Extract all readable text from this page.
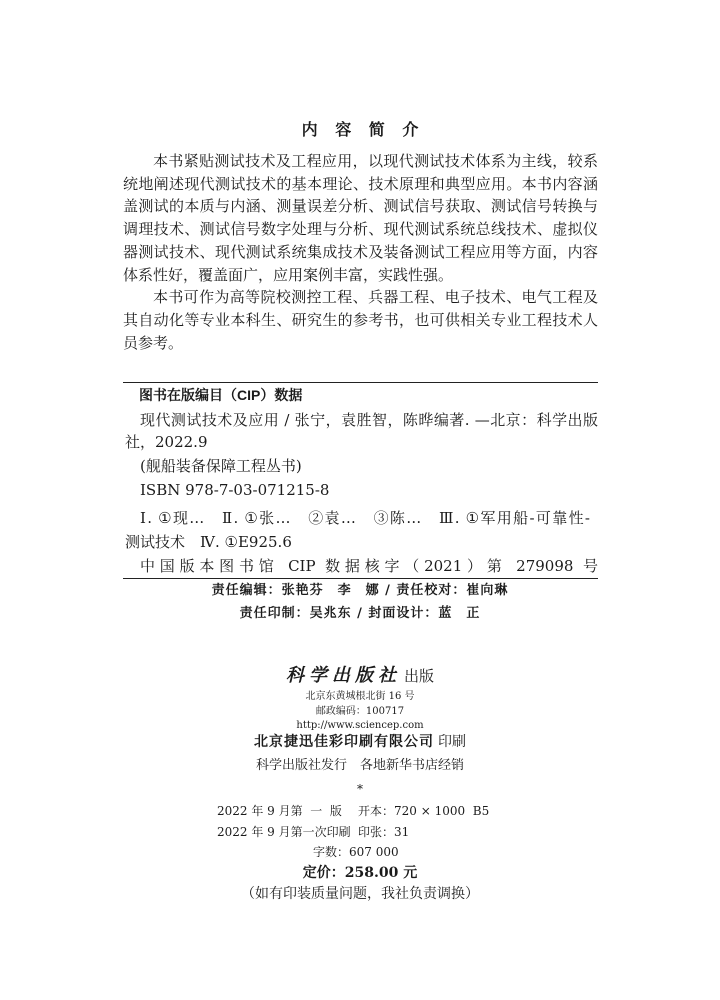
内 容 简 介
本书紧贴测试技术及工程应用，以现代测试技术体系为主线，较系
统地阐述现代测试技术的基本理论、技术原理和典型应用。本书内容涵
盖测试的本质与内涵、测量误差分析、测试信号获取、测试信号转换与
调理技术、测试信号数字处理与分析、现代测试系统总线技术、虚拟仪
器测试技术、现代测试系统集成技术及装备测试工程应用等方面，内容
体系性好，覆盖面广，应用案例丰富，实践性强。
本书可作为高等院校测控工程、兵器工程、电子技术、电气工程及
其自动化等专业本科生、研究生的参考书，也可供相关专业工程技术人
员参考。
图书在版编目（CIP）数据
现代测试技术及应用 / 张宁，袁胜智，陈晔编著. —北京：科学出版
社，2022.9
(舰船装备保障工程丛书)
ISBN 978-7-03-071215-8
Ⅰ. ①现…　Ⅱ. ①张…　②袁…　③陈…　Ⅲ. ①军用船-可靠性-
测试技术　Ⅳ. ①E925.6
中国版本图书馆 CIP 数据核字（2021）第 279098 号
责任编辑：张艳芬　李　娜 / 责任校对：崔向琳
责任印制：吴兆东 / 封面设计：蓝　正
科学出版社 出版
北京东黄城根北街 16 号
邮政编码：100717
http://www.sciencep.com
北京捷迅佳彩印刷有限公司 印刷
科学出版社发行　各地新华书店经销
*
2022 年 9 月第  一  版 开本：720 × 1000  B5
2022 年 9 月第一次印刷 印张：31
字数：607 000
定价：258.00 元
（如有印装质量问题，我社负责调换）
